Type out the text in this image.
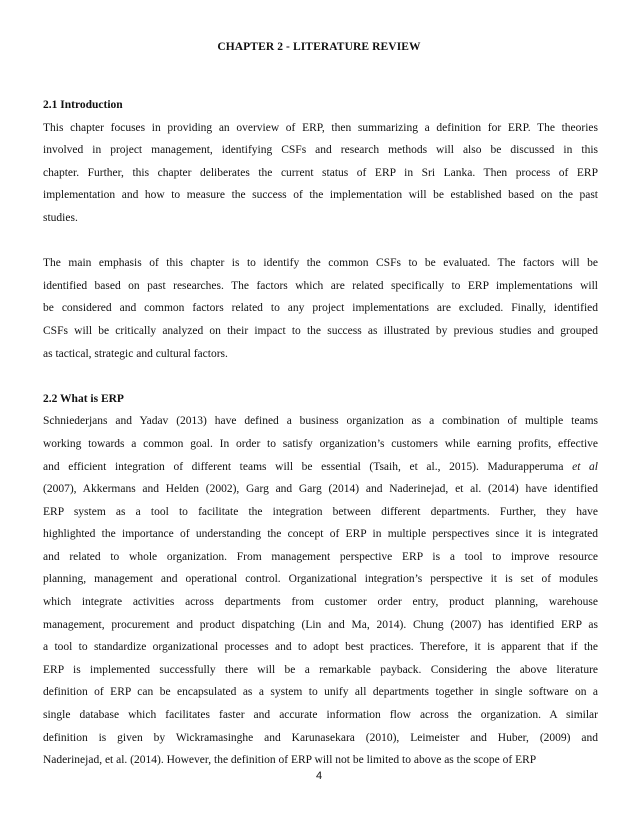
CHAPTER 2 - LITERATURE REVIEW
2.1 Introduction
This chapter focuses in providing an overview of ERP, then summarizing a definition for ERP. The theories
involved in project management, identifying CSFs and research methods will also be discussed in this
chapter. Further, this chapter deliberates the current status of ERP in Sri Lanka. Then process of ERP
implementation and how to measure the success of the implementation will be established based on the past
studies.
The main emphasis of this chapter is to identify the common CSFs to be evaluated. The factors will be
identified based on past researches. The factors which are related specifically to ERP implementations will
be considered and common factors related to any project implementations are excluded. Finally, identified
CSFs will be critically analyzed on their impact to the success as illustrated by previous studies and grouped
as tactical, strategic and cultural factors.
2.2 What is ERP
Schniederjans and Yadav (2013) have defined a business organization as a combination of multiple teams
working towards a common goal. In order to satisfy organization’s customers while earning profits, effective
and efficient integration of different teams will be essential (Tsaih, et al., 2015). Madurapperuma et al
(2007), Akkermans and Helden (2002), Garg and Garg (2014) and Naderinejad, et al. (2014) have identified
ERP system as a tool to facilitate the integration between different departments. Further, they have
highlighted the importance of understanding the concept of ERP in multiple perspectives since it is integrated
and related to whole organization. From management perspective ERP is a tool to improve resource
planning, management and operational control. Organizational integration’s perspective it is set of modules
which integrate activities across departments from customer order entry, product planning, warehouse
management, procurement and product dispatching (Lin and Ma, 2014). Chung (2007) has identified ERP as
a tool to standardize organizational processes and to adopt best practices. Therefore, it is apparent that if the
ERP is implemented successfully there will be a remarkable payback. Considering the above literature
definition of ERP can be encapsulated as a system to unify all departments together in single software on a
single database which facilitates faster and accurate information flow across the organization. A similar
definition is given by Wickramasinghe and Karunasekara (2010), Leimeister and Huber, (2009) and
Naderinejad, et al. (2014). However, the definition of ERP will not be limited to above as the scope of ERP
4
